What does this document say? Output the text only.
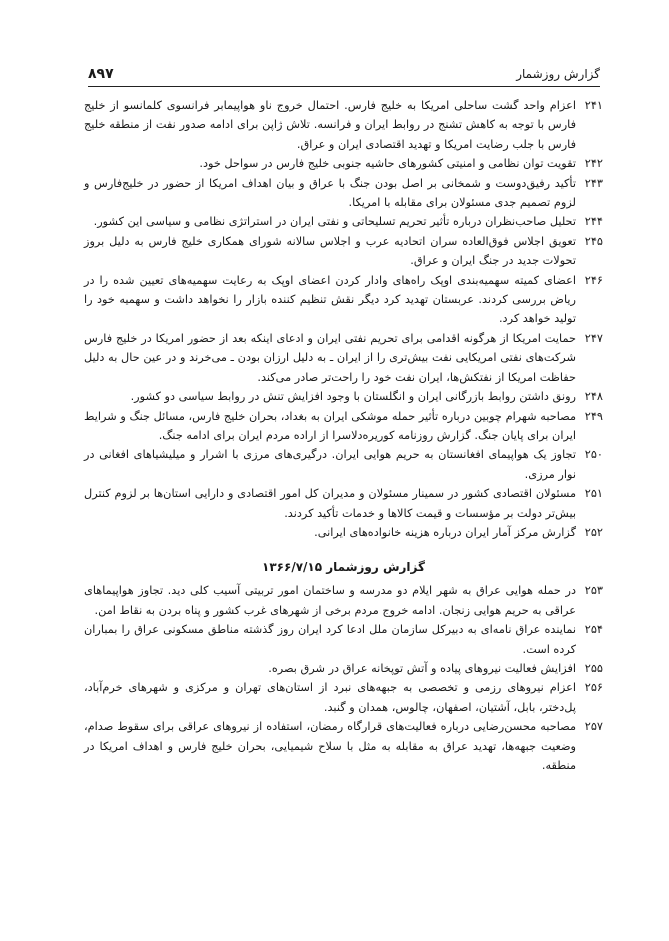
گزارش روزشمار
۸۹۷
۲۴۱
اعزام واحد گشت ساحلی امریکا به خلیج فارس. احتمال خروج ناو هواپیمابر فرانسوی کلمانسو از خلیج فارس با توجه به کاهش تشنج در روابط ایران و فرانسه. تلاش ژاپن برای ادامه صدور نفت از منطقه خلیج فارس با جلب رضایت امریکا و تهدید اقتصادی ایران و عراق.
۲۴۲
تقویت توان نظامی و امنیتی کشورهای حاشیه جنوبی خلیج فارس در سواحل خود.
۲۴۳
تأکید رفیق‌دوست و شمخانی بر اصل بودن جنگ با عراق و بیان اهداف امریکا از حضور در خلیج‌فارس و لزوم تصمیم جدی مسئولان برای مقابله با امریکا.
۲۴۴
تحلیل صاحب‌نظران درباره تأثیر تحریم تسلیحاتی و نفتی ایران در استراتژی نظامی و سیاسی این کشور.
۲۴۵
تعویق اجلاس فوق‌العاده سران اتحادیه عرب و اجلاس سالانه شورای همکاری خلیج فارس به دلیل بروز تحولات جدید در جنگ ایران و عراق.
۲۴۶
اعضای کمیته سهمیه‌بندی اوپک راه‌های وادار کردن اعضای اوپک به رعایت سهمیه‌های تعیین شده را در ریاض بررسی کردند. عربستان تهدید کرد دیگر نقش تنظیم کننده بازار را نخواهد داشت و سهمیه خود را تولید خواهد کرد.
۲۴۷
حمایت امریکا از هرگونه اقدامی برای تحریم نفتی ایران و ادعای اینکه بعد از حضور امریکا در خلیج فارس شرکت‌های نفتی امریکایی نفت بیش‌تری را از ایران ـ به دلیل ارزان بودن ـ می‌خرند و در عین حال به دلیل حفاظت امریکا از نفتکش‌ها، ایران نفت خود را راحت‌تر صادر می‌کند.
۲۴۸
رونق داشتن روابط بازرگانی ایران و انگلستان با وجود افزایش تنش در روابط سیاسی دو کشور.
۲۴۹
مصاحبه شهرام چوبین درباره تأثیر حمله موشکی ایران به بغداد، بحران خلیج فارس، مسائل جنگ و شرایط ایران برای پایان جنگ. گزارش روزنامه کوریره‌دلاسرا از اراده مردم ایران برای ادامه جنگ.
۲۵۰
تجاوز یک هواپیمای افغانستان به حریم هوایی ایران. درگیری‌های مرزی با اشرار و میلیشیاهای افغانی در نوار مرزی.
۲۵۱
مسئولان اقتصادی کشور در سمینار مسئولان و مدیران کل امور اقتصادی و دارایی استان‌ها بر لزوم کنترل بیش‌تر دولت بر مؤسسات و قیمت کالاها و خدمات تأکید کردند.
۲۵۲
گزارش مرکز آمار ایران درباره هزینه خانواده‌های ایرانی.
گزارش روزشمار ۱۳۶۶/۷/۱۵
۲۵۳
در حمله هوایی عراق به شهر ایلام دو مدرسه و ساختمان امور تربیتی آسیب کلی دید. تجاوز هواپیماهای عراقی به حریم هوایی زنجان. ادامه خروج مردم برخی از شهرهای غرب کشور و پناه بردن به نقاط امن.
۲۵۴
نماینده عراق نامه‌ای به دبیرکل سازمان ملل ادعا کرد ایران روز گذشته مناطق مسکونی عراق را بمباران کرده است.
۲۵۵
افزایش فعالیت نیروهای پیاده و آتش توپخانه عراق در شرق بصره.
۲۵۶
اعزام نیروهای رزمی و تخصصی به جبهه‌های نبرد از استان‌های تهران و مرکزی و شهرهای خرم‌آباد، پل‌دختر، بابل، آشتیان، اصفهان، چالوس، همدان و گنبد.
۲۵۷
مصاحبه محسن‌رضایی درباره فعالیت‌های قرارگاه رمضان، استفاده از نیروهای عراقی برای سقوط صدام، وضعیت جبهه‌ها، تهدید عراق به مقابله به مثل با سلاح شیمیایی، بحران خلیج فارس و اهداف امریکا در منطقه.
